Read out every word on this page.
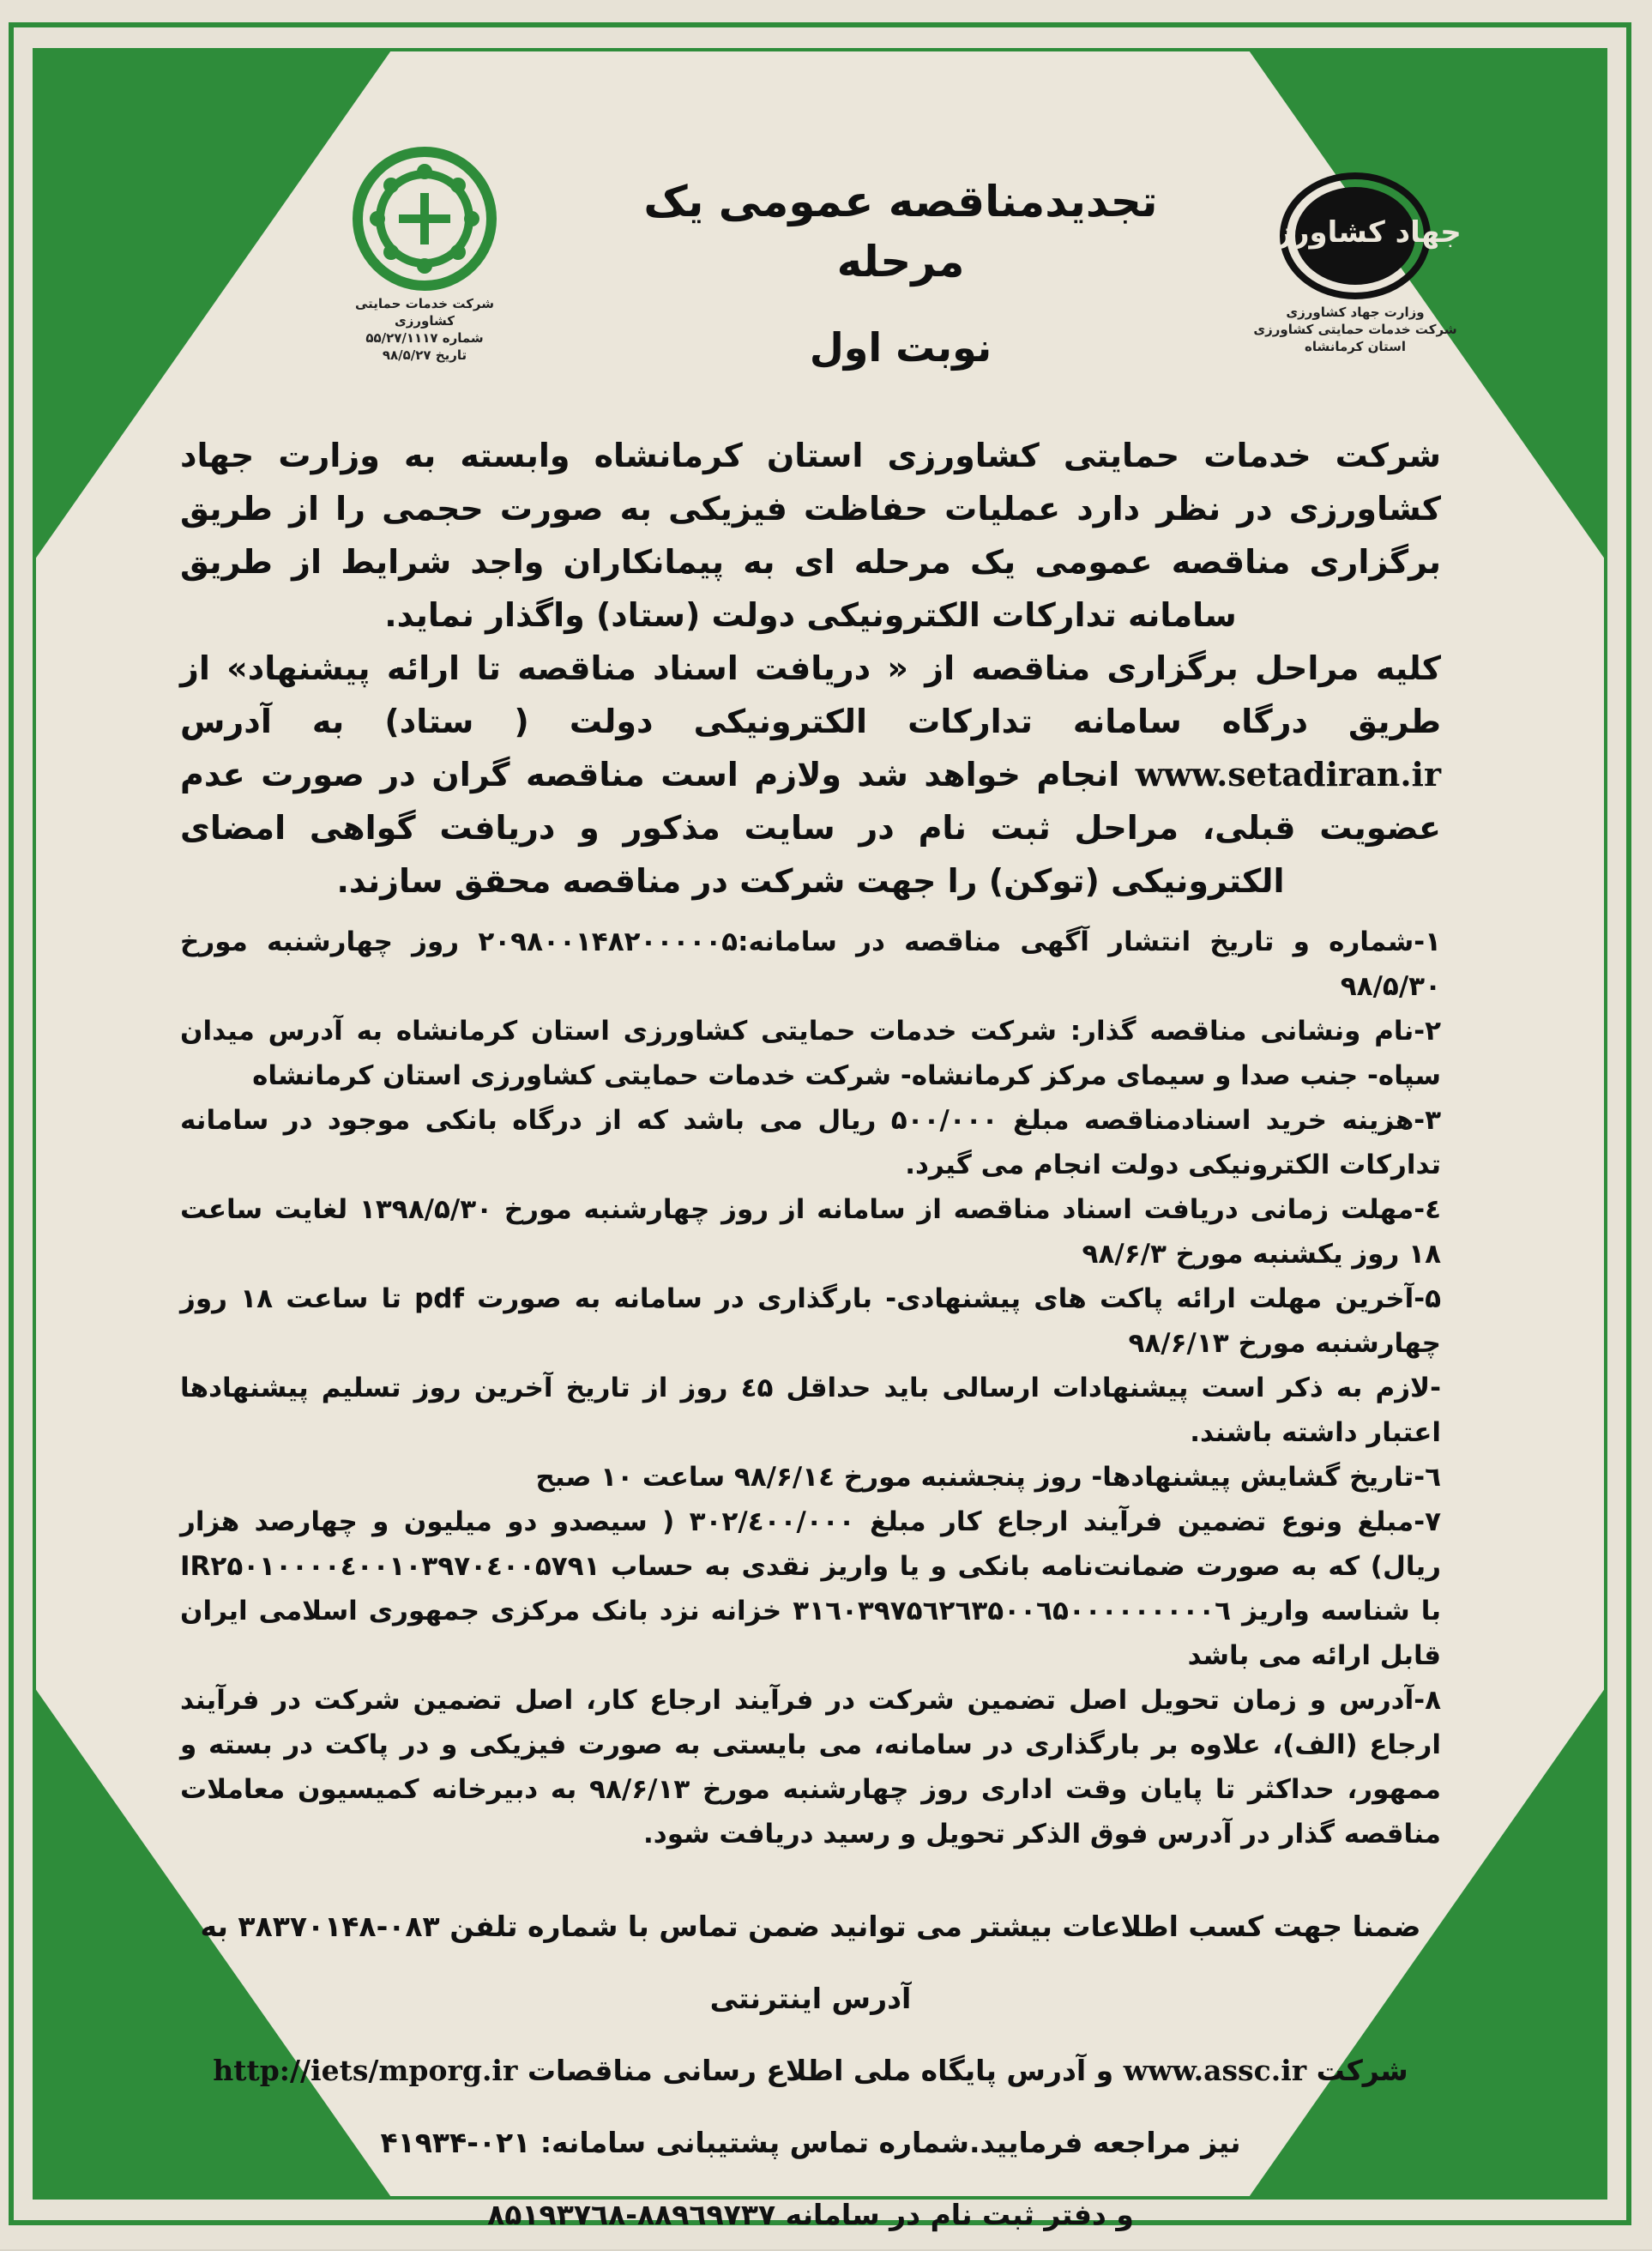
جهاد کشاورزی
وزارت جهاد کشاورزی
شرکت خدمات حمایتی کشاورزی
استان کرمانشاه
شرکت خدمات حمایتی کشاورزی
شماره ۵۵/۲۷/۱۱۱۷
تاریخ ۹۸/۵/۲۷
تجدیدمناقصه عمومی یک مرحله
نوبت اول
شرکت خدمات حمایتی کشاورزی استان کرمانشاه وابسته به وزارت جهاد کشاورزی در نظر دارد عملیات حفاظت فیزیکی به صورت حجمی را از طریق برگزاری مناقصه عمومی یک مرحله ای به پیمانکاران واجد شرایط از طریق سامانه تدارکات الکترونیکی دولت (ستاد) واگذار نماید.
کلیه مراحل برگزاری مناقصه از « دریافت اسناد مناقصه تا ارائه پیشنهاد» از طریق درگاه سامانه تدارکات الکترونیکی دولت ( ستاد) به آدرس www.setadiran.ir انجام خواهد شد ولازم است مناقصه گران در صورت عدم عضویت قبلی، مراحل ثبت نام در سایت مذکور و دریافت گواهی امضای الکترونیکی (توکن) را جهت شرکت در مناقصه محقق سازند.

۱-شماره و تاریخ انتشار آگهی مناقصه در سامانه:۲۰۹۸۰۰۱۴۸۲۰۰۰۰۰۵ روز چهارشنبه مورخ ۹۸/۵/۳۰

۲-نام ونشانی مناقصه گذار: شرکت خدمات حمایتی کشاورزی استان کرمانشاه به آدرس میدان سپاه- جنب صدا و سیمای مرکز کرمانشاه- شرکت خدمات حمایتی کشاورزی استان کرمانشاه

۳-هزینه خرید اسنادمناقصه مبلغ ۵۰۰/۰۰۰ ریال می باشد که از درگاه بانکی موجود در سامانه تدارکات الکترونیکی دولت انجام می گیرد.

٤-مهلت زمانی دریافت اسناد مناقصه از سامانه از روز چهارشنبه مورخ ۱۳۹۸/۵/۳۰ لغایت ساعت ۱۸ روز یکشنبه مورخ ۹۸/۶/۳

۵-آخرین مهلت ارائه پاکت های پیشنهادی- بارگذاری در سامانه به صورت pdf تا ساعت ۱۸ روز چهارشنبه مورخ ۹۸/۶/۱۳

-لازم به ذکر است پیشنهادات ارسالی باید حداقل ٤۵ روز از تاریخ آخرین روز تسلیم پیشنهادها اعتبار داشته باشند.

٦-تاریخ گشایش پیشنهادها- روز پنجشنبه مورخ ۹۸/۶/۱٤ ساعت ۱۰ صبح

۷-مبلغ ونوع تضمین فرآیند ارجاع کار مبلغ ۳۰۲/٤۰۰/۰۰۰ ( سیصدو دو میلیون و چهارصد هزار ریال) که به صورت ضمانت‌نامه بانکی و یا واریز نقدی به حساب IR۲۵۰۱۰۰۰۰٤۰۰۱۰۳۹۷۰٤۰۰۵۷۹۱ با شناسه واریز ۳۱٦۰۳۹۷۵٦۲٦۳۵۰۰٦۵۰۰۰۰۰۰۰۰۰٦ خزانه نزد بانک مرکزی جمهوری اسلامی ایران قابل ارائه می باشد

۸-آدرس و زمان تحویل اصل تضمین شرکت در فرآیند ارجاع کار، اصل تضمین شرکت در فرآیند ارجاع (الف)، علاوه بر بارگذاری در سامانه، می بایستی به صورت فیزیکی و در پاکت در بسته و ممهور، حداکثر تا پایان وقت اداری روز چهارشنبه مورخ ۹۸/۶/۱۳ به دبیرخانه کمیسیون معاملات مناقصه گذار در آدرس فوق الذکر تحویل و رسید دریافت شود.

ضمنا جهت کسب اطلاعات بیشتر می توانید ضمن تماس با شماره تلفن ۰۸۳-۳۸۳۷۰۱۴۸ به آدرس اینترنتی
شرکت www.assc.ir و آدرس پایگاه ملی اطلاع رسانی مناقصات http://iets/mporg.ir
نیز مراجعه فرمایید.شماره تماس پشتیبانی سامانه: ۰۲۱-۴۱۹۳۴
و دفتر ثبت نام در سامانه ۸۸۹٦۹۷۳۷-۸۵۱۹۳۷٦۸
